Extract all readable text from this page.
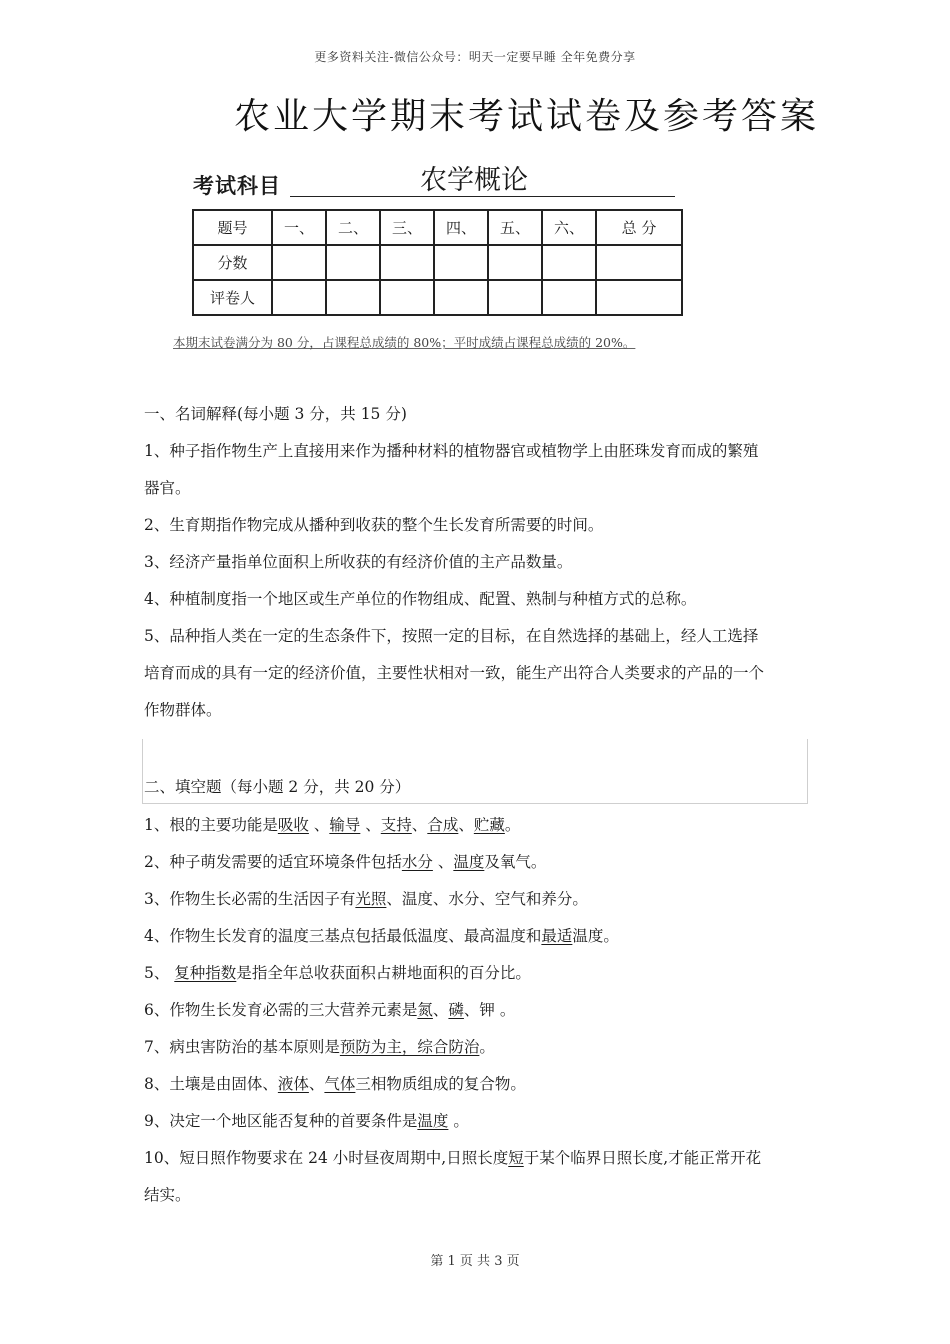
更多资料关注-微信公众号：明天一定要早睡 全年免费分享
农业大学期末考试试卷及参考答案
考试科目	农学概论
题号	一、	二、	三、	四、	五、	六、	总 分
分数							
评卷人							
本期末试卷满分为 80 分，占课程总成绩的 80%；平时成绩占课程总成绩的 20%。
一、名词解释(每小题 3 分，共 15 分)
1、种子指作物生产上直接用来作为播种材料的植物器官或植物学上由胚珠发育而成的繁殖
器官。
2、生育期指作物完成从播种到收获的整个生长发育所需要的时间。
3、经济产量指单位面积上所收获的有经济价值的主产品数量。
4、种植制度指一个地区或生产单位的作物组成、配置、熟制与种植方式的总称。
5、品种指人类在一定的生态条件下，按照一定的目标，在自然选择的基础上，经人工选择
培育而成的具有一定的经济价值，主要性状相对一致，能生产出符合人类要求的产品的一个
作物群体。
二、填空题（每小题 2 分，共 20 分）
1、根的主要功能是吸收 、输导 、支持、合成、贮藏。
2、种子萌发需要的适宜环境条件包括水分 、温度及氧气。
3、作物生长必需的生活因子有光照、温度、水分、空气和养分。
4、作物生长发育的温度三基点包括最低温度、最高温度和最适温度。
5、 复种指数是指全年总收获面积占耕地面积的百分比。
6、作物生长发育必需的三大营养元素是氮、磷、钾 。
7、病虫害防治的基本原则是预防为主，综合防治。
8、土壤是由固体、液体、气体三相物质组成的复合物。
9、决定一个地区能否复种的首要条件是温度 。
10、短日照作物要求在 24 小时昼夜周期中,日照长度短于某个临界日照长度,才能正常开花
结实。
第 1 页 共 3 页
